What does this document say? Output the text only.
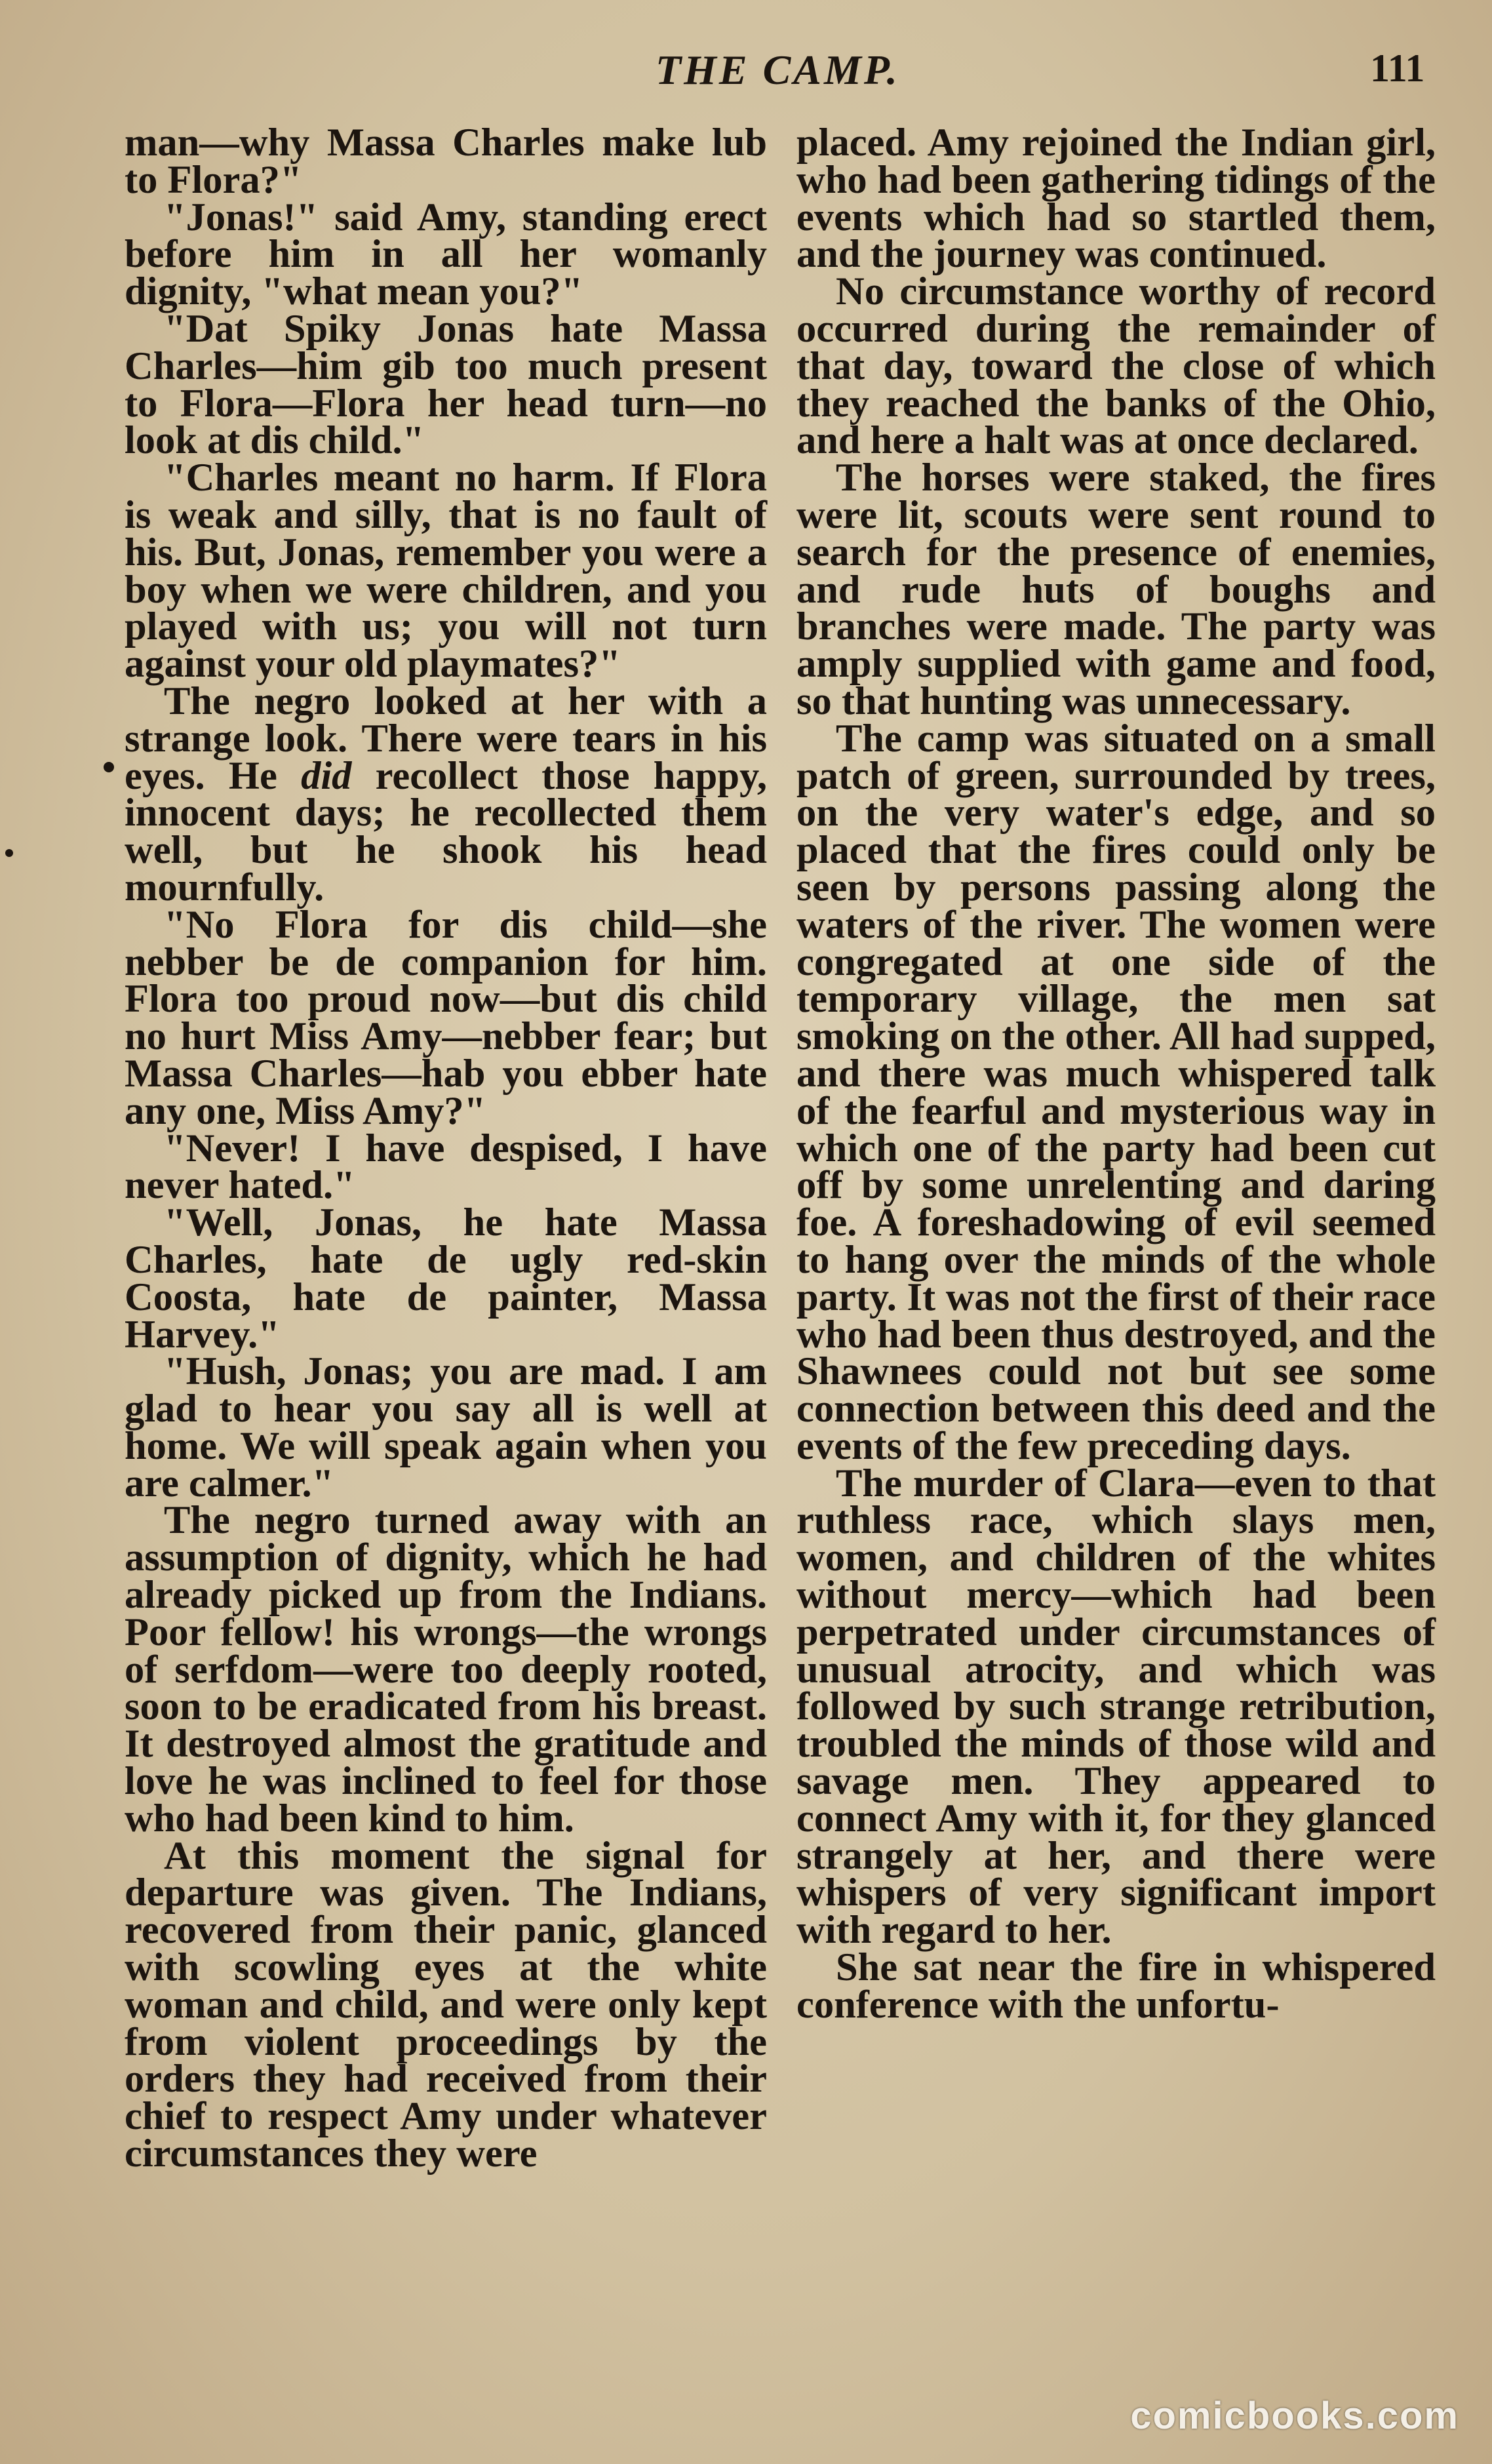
THE CAMP.	111

man—why Massa Charles make lub to Flora?"

"Jonas!" said Amy, standing erect before him in all her womanly dignity, "what mean you?"

"Dat Spiky Jonas hate Massa Charles—him gib too much present to Flora—Flora her head turn—no look at dis child."

"Charles meant no harm. If Flora is weak and silly, that is no fault of his. But, Jonas, remember you were a boy when we were children, and you played with us; you will not turn against your old playmates?"

The negro looked at her with a strange look. There were tears in his eyes. He did recollect those happy, innocent days; he recollected them well, but he shook his head mournfully.

"No Flora for dis child—she nebber be de companion for him. Flora too proud now—but dis child no hurt Miss Amy—nebber fear; but Massa Charles—hab you ebber hate any one, Miss Amy?"

"Never! I have despised, I have never hated."

"Well, Jonas, he hate Massa Charles, hate de ugly red-skin Coosta, hate de painter, Massa Harvey."

"Hush, Jonas; you are mad. I am glad to hear you say all is well at home. We will speak again when you are calmer."

The negro turned away with an assumption of dignity, which he had already picked up from the Indians. Poor fellow! his wrongs—the wrongs of serfdom—were too deeply rooted, soon to be eradicated from his breast. It destroyed almost the gratitude and love he was inclined to feel for those who had been kind to him.

At this moment the signal for departure was given. The Indians, recovered from their panic, glanced with scowling eyes at the white woman and child, and were only kept from violent proceedings by the orders they had received from their chief to respect Amy under whatever circumstances they were

placed. Amy rejoined the Indian girl, who had been gathering tidings of the events which had so startled them, and the journey was continued.

No circumstance worthy of record occurred during the remainder of that day, toward the close of which they reached the banks of the Ohio, and here a halt was at once declared.

The horses were staked, the fires were lit, scouts were sent round to search for the presence of enemies, and rude huts of boughs and branches were made. The party was amply supplied with game and food, so that hunting was unnecessary.

The camp was situated on a small patch of green, surrounded by trees, on the very water's edge, and so placed that the fires could only be seen by persons passing along the waters of the river. The women were congregated at one side of the temporary village, the men sat smoking on the other. All had supped, and there was much whispered talk of the fearful and mysterious way in which one of the party had been cut off by some unrelenting and daring foe. A foreshadowing of evil seemed to hang over the minds of the whole party. It was not the first of their race who had been thus destroyed, and the Shawnees could not but see some connection between this deed and the events of the few preceding days.

The murder of Clara—even to that ruthless race, which slays men, women, and children of the whites without mercy—which had been perpetrated under circumstances of unusual atrocity, and which was followed by such strange retribution, troubled the minds of those wild and savage men. They appeared to connect Amy with it, for they glanced strangely at her, and there were whispers of very significant import with regard to her.

She sat near the fire in whispered conference with the unfortu-

comicbooks.com
